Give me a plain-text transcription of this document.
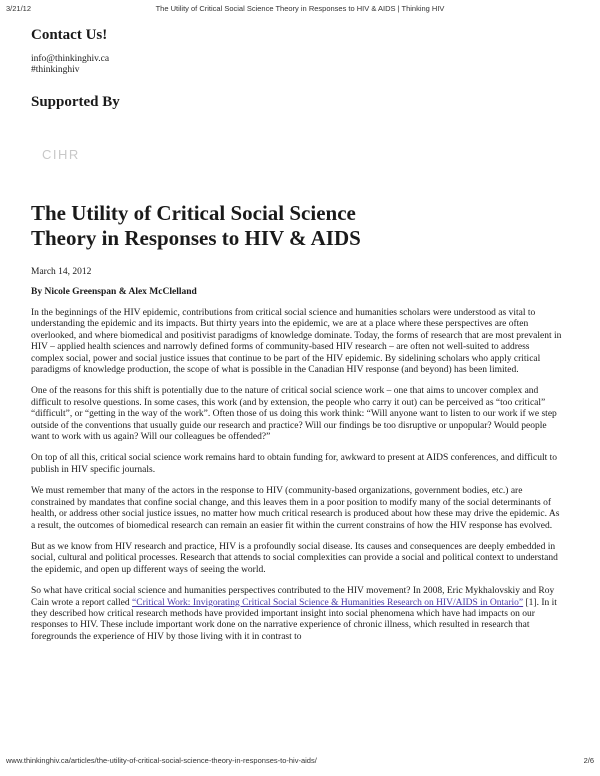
3/21/12	The Utility of Critical Social Science Theory in Responses to HIV & AIDS | Thinking HIV
Contact Us!
info@thinkinghiv.ca
#thinkinghiv
Supported By
CIHR
The Utility of Critical Social Science
Theory in Responses to HIV & AIDS
March 14, 2012
By Nicole Greenspan & Alex McClelland

In the beginnings of the HIV epidemic, contributions from critical social science and humanities scholars were understood as vital to understanding the epidemic and its impacts. But thirty years into the epidemic, we are at a place where these perspectives are often overlooked, and where biomedical and positivist paradigms of knowledge dominate. Today, the forms of research that are most prevalent in HIV – applied health sciences and narrowly defined forms of community-based HIV research – are often not well-suited to address complex social, power and social justice issues that continue to be part of the HIV epidemic. By sidelining scholars who apply critical paradigms of knowledge production, the scope of what is possible in the Canadian HIV response (and beyond) has been limited.

One of the reasons for this shift is potentially due to the nature of critical social science work – one that aims to uncover complex and difficult to resolve questions. In some cases, this work (and by extension, the people who carry it out) can be perceived as “too critical” “difficult”, or “getting in the way of the work”. Often those of us doing this work think: “Will anyone want to listen to our work if we step outside of the conventions that usually guide our research and practice? Will our findings be too disruptive or unpopular? Would people want to work with us again? Will our colleagues be offended?”

On top of all this, critical social science work remains hard to obtain funding for, awkward to present at AIDS conferences, and difficult to publish in HIV specific journals.

We must remember that many of the actors in the response to HIV (community-based organizations, government bodies, etc.) are constrained by mandates that confine social change, and this leaves them in a poor position to modify many of the social determinants of health, or address other social justice issues, no matter how much critical research is produced about how these may drive the epidemic. As a result, the outcomes of biomedical research can remain an easier fit within the current constrains of how the HIV response has evolved.

But as we know from HIV research and practice, HIV is a profoundly social disease. Its causes and consequences are deeply embedded in social, cultural and political processes. Research that attends to social complexities can provide a social and political context to understand the epidemic, and open up different ways of seeing the world.

So what have critical social science and humanities perspectives contributed to the HIV movement? In 2008, Eric Mykhalovskiy and Roy Cain wrote a report called “Critical Work: Invigorating Critical Social Science & Humanities Research on HIV/AIDS in Ontario” [1]. In it they described how critical research methods have provided important insight into social phenomena which have had impacts on our responses to HIV. These include important work done on the narrative experience of chronic illness, which resulted in research that foregrounds the experience of HIV by those living with it in contrast to

www.thinkinghiv.ca/articles/the-utility-of-critical-social-science-theory-in-responses-to-hiv-aids/	2/6
